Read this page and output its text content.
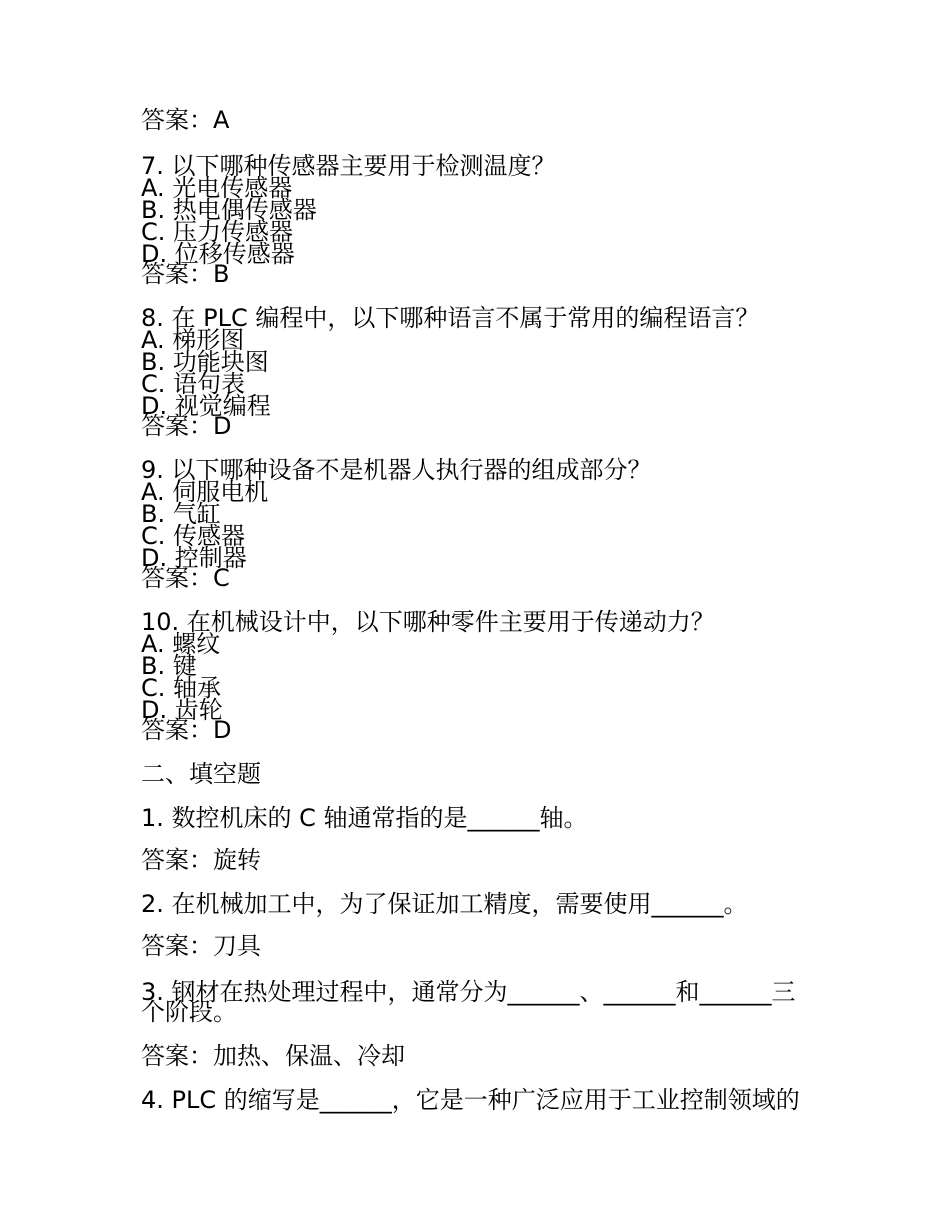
答案：A
7. 以下哪种传感器主要用于检测温度？
A. 光电传感器
B. 热电偶传感器
C. 压力传感器
D. 位移传感器
答案：B
8. 在 PLC 编程中，以下哪种语言不属于常用的编程语言？
A. 梯形图
B. 功能块图
C. 语句表
D. 视觉编程
答案：D
9. 以下哪种设备不是机器人执行器的组成部分？
A. 伺服电机
B. 气缸
C. 传感器
D. 控制器
答案：C
10. 在机械设计中，以下哪种零件主要用于传递动力？
A. 螺纹
B. 键
C. 轴承
D. 齿轮
答案：D
二、填空题
1. 数控机床的 C 轴通常指的是______轴。
答案：旋转
2. 在机械加工中，为了保证加工精度，需要使用______。
答案：刀具
3. 钢材在热处理过程中，通常分为______、______和______三
个阶段。
答案：加热、保温、冷却
4. PLC 的缩写是______，它是一种广泛应用于工业控制领域的
